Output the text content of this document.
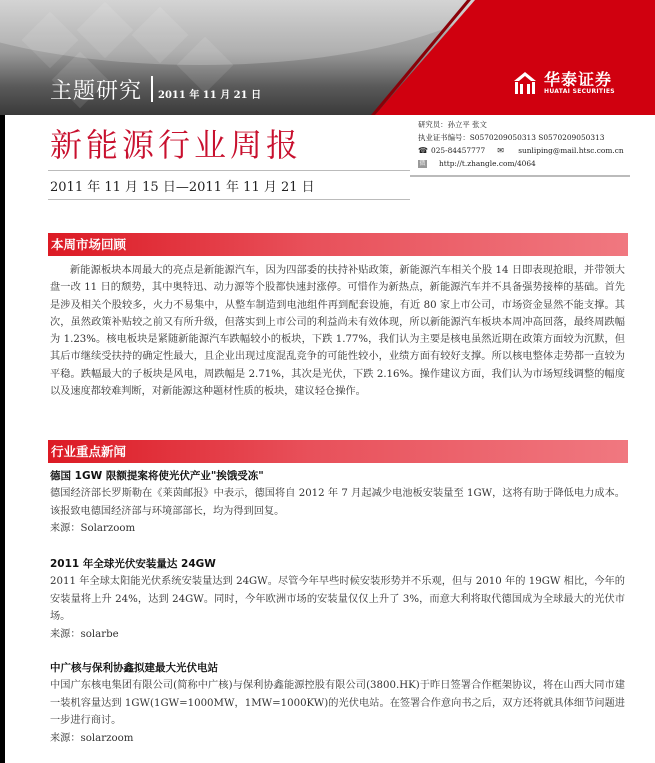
主题研究 2011 年 11 月 21 日
华泰证券
HUATAI SECURITIES
新能源行业周报
2011 年 11 月 15 日—2011 年 11 月 21 日
研究员：孙立平 张文
执业证书编号：S0570209050313 S0570209050313
☎ 025-84457777 ✉	sunliping@mail.htsc.com.cn
微 http://t.zhangle.com/4064
本周市场回顾
新能源板块本周最大的亮点是新能源汽车，因为四部委的扶持补贴政策，新能源汽车相关个股 14 日即表现抢眼，并带领大盘一改 11 日的颓势，其中奥特迅、动力源等个股都快速封涨停。可惜作为新热点，新能源汽车并不具备强势接棒的基础。首先是涉及相关个股较多，火力不易集中，从整车制造到电池组件再到配套设施，有近 80 家上市公司，市场资金显然不能支撑。其次，虽然政策补贴较之前又有所升级，但落实到上市公司的利益尚未有效体现，所以新能源汽车板块本周冲高回落，最终周跌幅为 1.23%。核电板块是紧随新能源汽车跌幅较小的板块，下跌 1.77%，我们认为主要是核电虽然近期在政策方面较为沉默，但其后市继续受扶持的确定性最大，且企业出现过度混乱竞争的可能性较小，业绩方面有较好支撑。所以核电整体走势都一直较为平稳。跌幅最大的子板块是风电，周跌幅是 2.71%，其次是光伏，下跌 2.16%。操作建议方面，我们认为市场短线调整的幅度以及速度都较难判断，对新能源这种题材性质的板块，建议轻仓操作。
行业重点新闻
德国 1GW 限额提案将使光伏产业"挨饿受冻"
德国经济部长罗斯勒在《莱茵邮报》中表示，德国将自 2012 年 7 月起减少电池板安装量至 1GW，这将有助于降低电力成本。该报致电德国经济部与环境部部长，均为得到回复。
来源：Solarzoom
2011 年全球光伏安装量达 24GW
2011 年全球太阳能光伏系统安装量达到 24GW。尽管今年早些时候安装形势并不乐观，但与 2010 年的 19GW 相比，今年的安装量将上升 24%，达到 24GW。同时，今年欧洲市场的安装量仅仅上升了 3%，而意大利将取代德国成为全球最大的光伏市场。
来源：solarbe
中广核与保利协鑫拟建最大光伏电站
中国广东核电集团有限公司(简称中广核)与保利协鑫能源控股有限公司(3800.HK)于昨日签署合作框架协议，将在山西大同市建一装机容量达到 1GW(1GW=1000MW，1MW=1000KW)的光伏电站。在签署合作意向书之后，双方还将就具体细节问题进一步进行商讨。
来源：solarzoom
